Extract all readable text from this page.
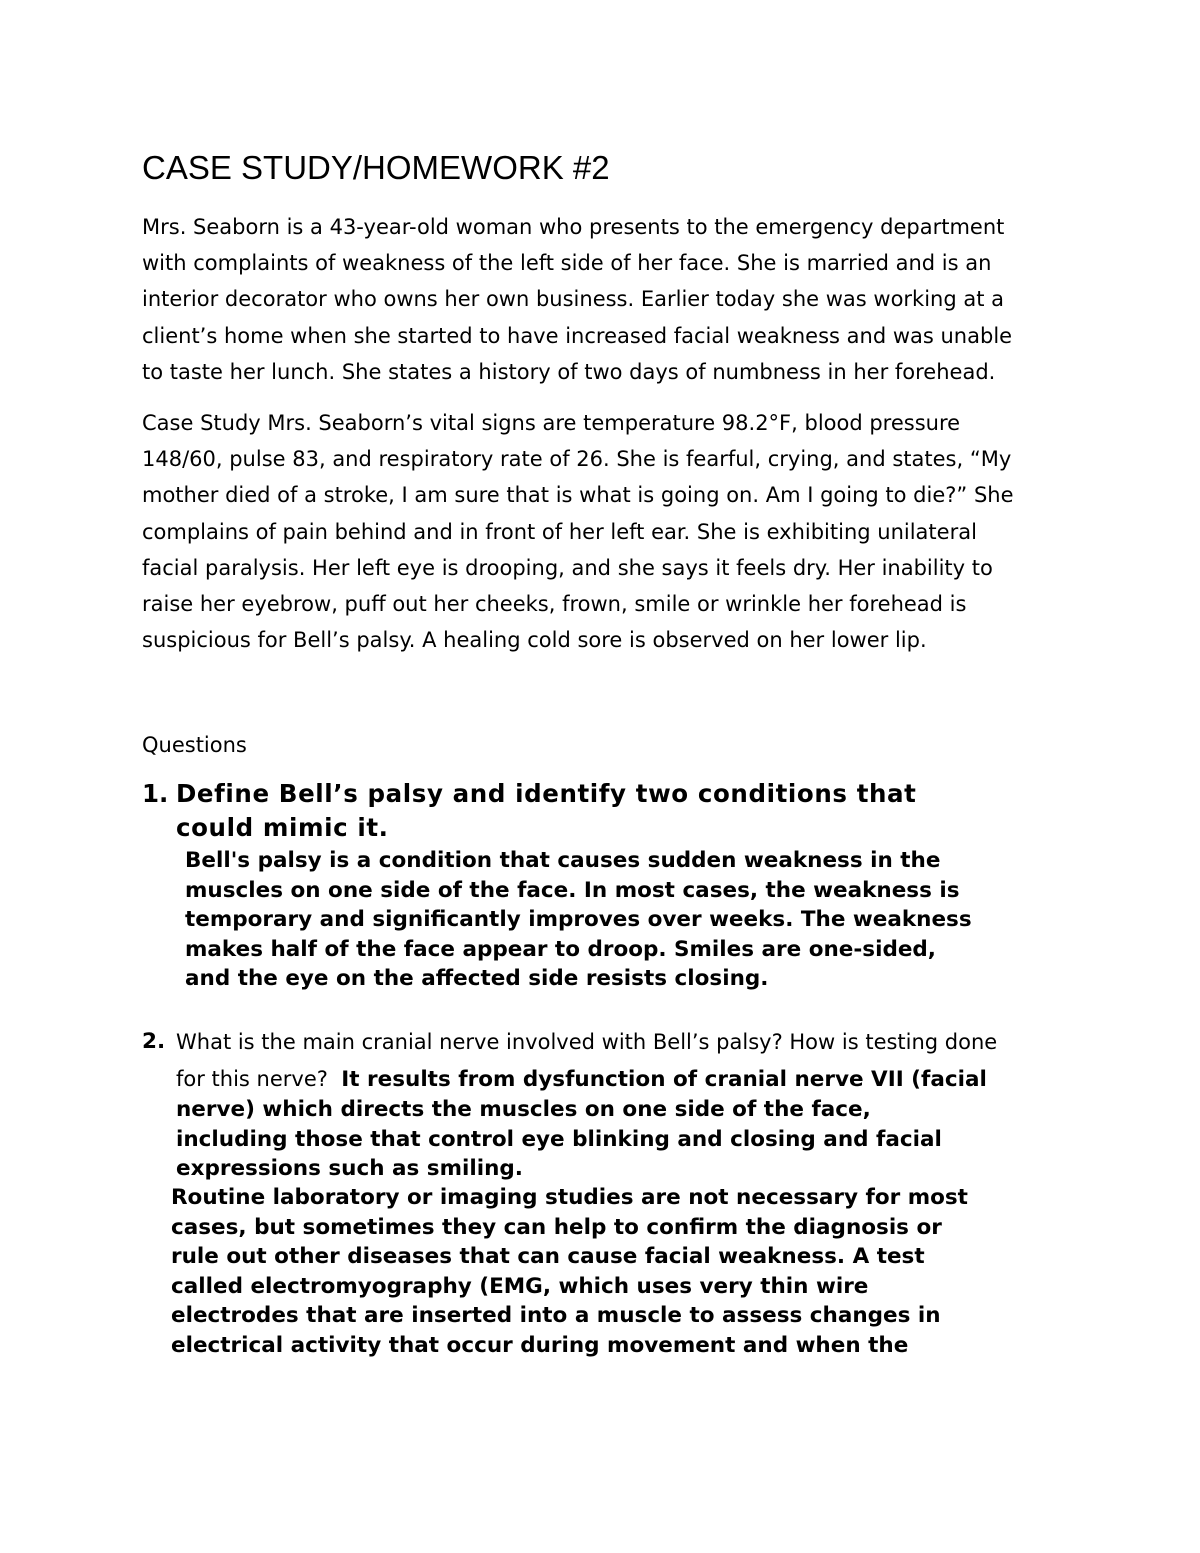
CASE STUDY/HOMEWORK #2
Mrs. Seaborn is a 43-year-old woman who presents to the emergency department
with complaints of weakness of the left side of her face. She is married and is an
interior decorator who owns her own business. Earlier today she was working at a
client’s home when she started to have increased facial weakness and was unable
to taste her lunch. She states a history of two days of numbness in her forehead.
Case Study Mrs. Seaborn’s vital signs are temperature 98.2°F, blood pressure
148/60, pulse 83, and respiratory rate of 26. She is fearful, crying, and states, “My
mother died of a stroke, I am sure that is what is going on. Am I going to die?” She
complains of pain behind and in front of her left ear. She is exhibiting unilateral
facial paralysis. Her left eye is drooping, and she says it feels dry. Her inability to
raise her eyebrow, puff out her cheeks, frown, smile or wrinkle her forehead is
suspicious for Bell’s palsy. A healing cold sore is observed on her lower lip.
Questions
1. Define Bell’s palsy and identify two conditions that
could mimic it.
Bell's palsy is a condition that causes sudden weakness in the
muscles on one side of the face. In most cases, the weakness is
temporary and significantly improves over weeks. The weakness
makes half of the face appear to droop. Smiles are one-sided,
and the eye on the affected side resists closing.
2. What is the main cranial nerve involved with Bell’s palsy? How is testing done
for this nerve? It results from dysfunction of cranial nerve VII (facial
nerve) which directs the muscles on one side of the face,
including those that control eye blinking and closing and facial
expressions such as smiling.
Routine laboratory or imaging studies are not necessary for most
cases, but sometimes they can help to confirm the diagnosis or
rule out other diseases that can cause facial weakness. A test
called electromyography (EMG, which uses very thin wire
electrodes that are inserted into a muscle to assess changes in
electrical activity that occur during movement and when the
